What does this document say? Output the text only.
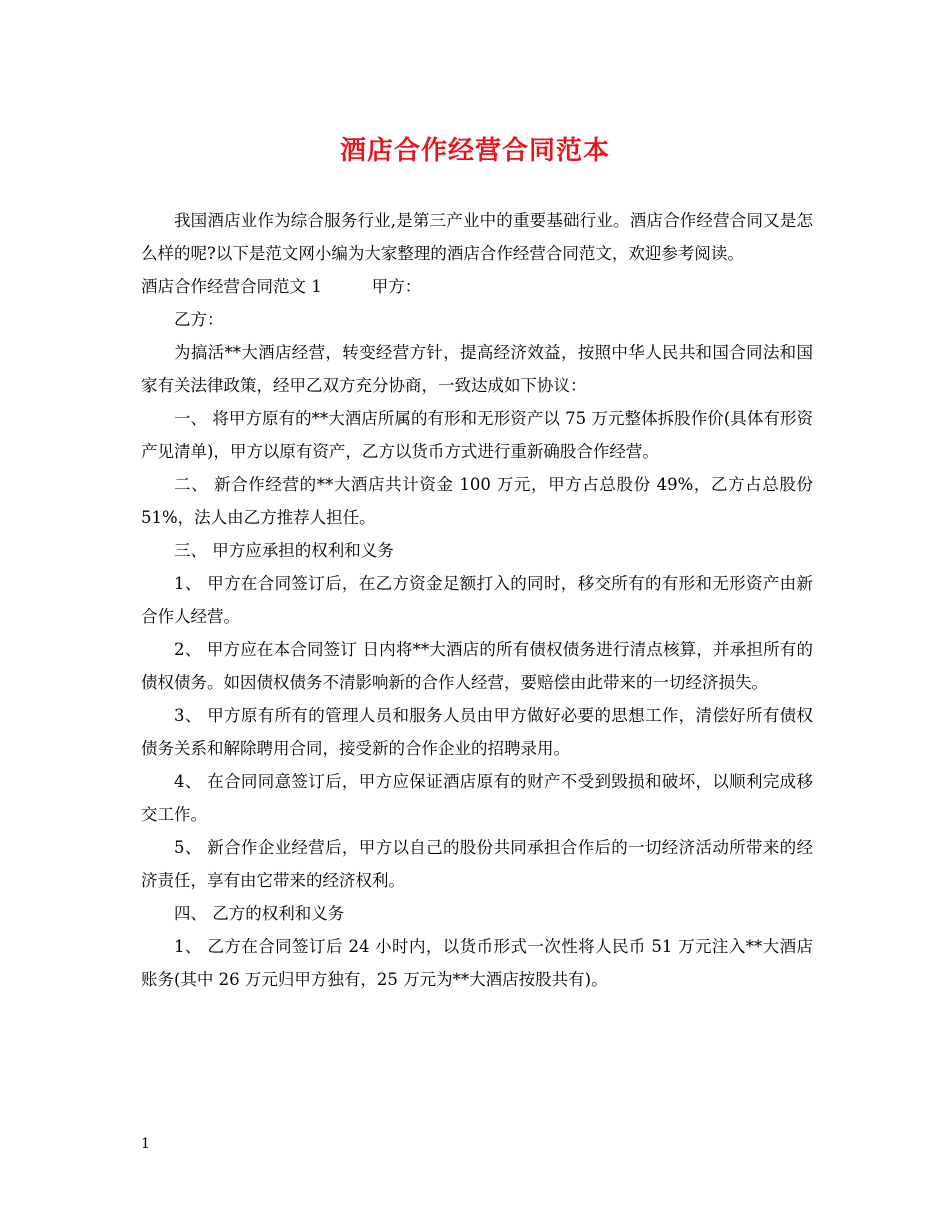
酒店合作经营合同范本

我国酒店业作为综合服务行业,是第三产业中的重要基础行业。酒店合作经营合同又是怎么样的呢?以下是范文网小编为大家整理的酒店合作经营合同范文，欢迎参考阅读。

酒店合作经营合同范文 1	甲方：

乙方：

为搞活**大酒店经营，转变经营方针，提高经济效益，按照中华人民共和国合同法和国家有关法律政策，经甲乙双方充分协商，一致达成如下协议：

一、 将甲方原有的**大酒店所属的有形和无形资产以 75 万元整体拆股作价(具体有形资产见清单)，甲方以原有资产，乙方以货币方式进行重新确股合作经营。

二、 新合作经营的**大酒店共计资金 100 万元，甲方占总股份 49%，乙方占总股份 51%，法人由乙方推荐人担任。

三、 甲方应承担的权利和义务

1、 甲方在合同签订后，在乙方资金足额打入的同时，移交所有的有形和无形资产由新合作人经营。

2、 甲方应在本合同签订 日内将**大酒店的所有债权债务进行清点核算，并承担所有的债权债务。如因债权债务不清影响新的合作人经营，要赔偿由此带来的一切经济损失。

3、 甲方原有所有的管理人员和服务人员由甲方做好必要的思想工作，清偿好所有债权债务关系和解除聘用合同，接受新的合作企业的招聘录用。

4、 在合同同意签订后，甲方应保证酒店原有的财产不受到毁损和破坏，以顺利完成移交工作。

5、 新合作企业经营后，甲方以自己的股份共同承担合作后的一切经济活动所带来的经济责任，享有由它带来的经济权利。

四、 乙方的权利和义务

1、 乙方在合同签订后 24 小时内，以货币形式一次性将人民币 51 万元注入**大酒店账务(其中 26 万元归甲方独有，25 万元为**大酒店按股共有)。

1
